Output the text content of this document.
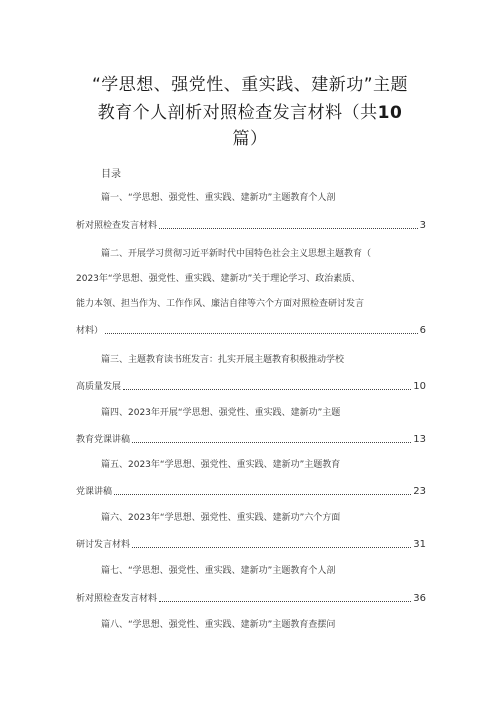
“学思想、强党性、重实践、建新功”主题
教育个人剖析对照检查发言材料（共10
篇）
目录
篇一、“学思想、强党性、重实践、建新功”主题教育个人剖
析对照检查发言材料	3
篇二、开展学习贯彻习近平新时代中国特色社会主义思想主题教育（
2023年“学思想、强党性、重实践、建新功”关于理论学习、政治素质、
能力本领、担当作为、工作作风、廉洁自律等六个方面对照检查研讨发言
材料）	6
篇三、主题教育读书班发言：扎实开展主题教育积极推动学校
高质量发展	10
篇四、2023年开展“学思想、强党性、重实践、建新功”主题
教育党课讲稿	13
篇五、2023年“学思想、强党性、重实践、建新功”主题教育
党课讲稿	23
篇六、2023年“学思想、强党性、重实践、建新功”六个方面
研讨发言材料	31
篇七、“学思想、强党性、重实践、建新功”主题教育个人剖
析对照检查发言材料	36
篇八、“学思想、强党性、重实践、建新功”主题教育查摆问
